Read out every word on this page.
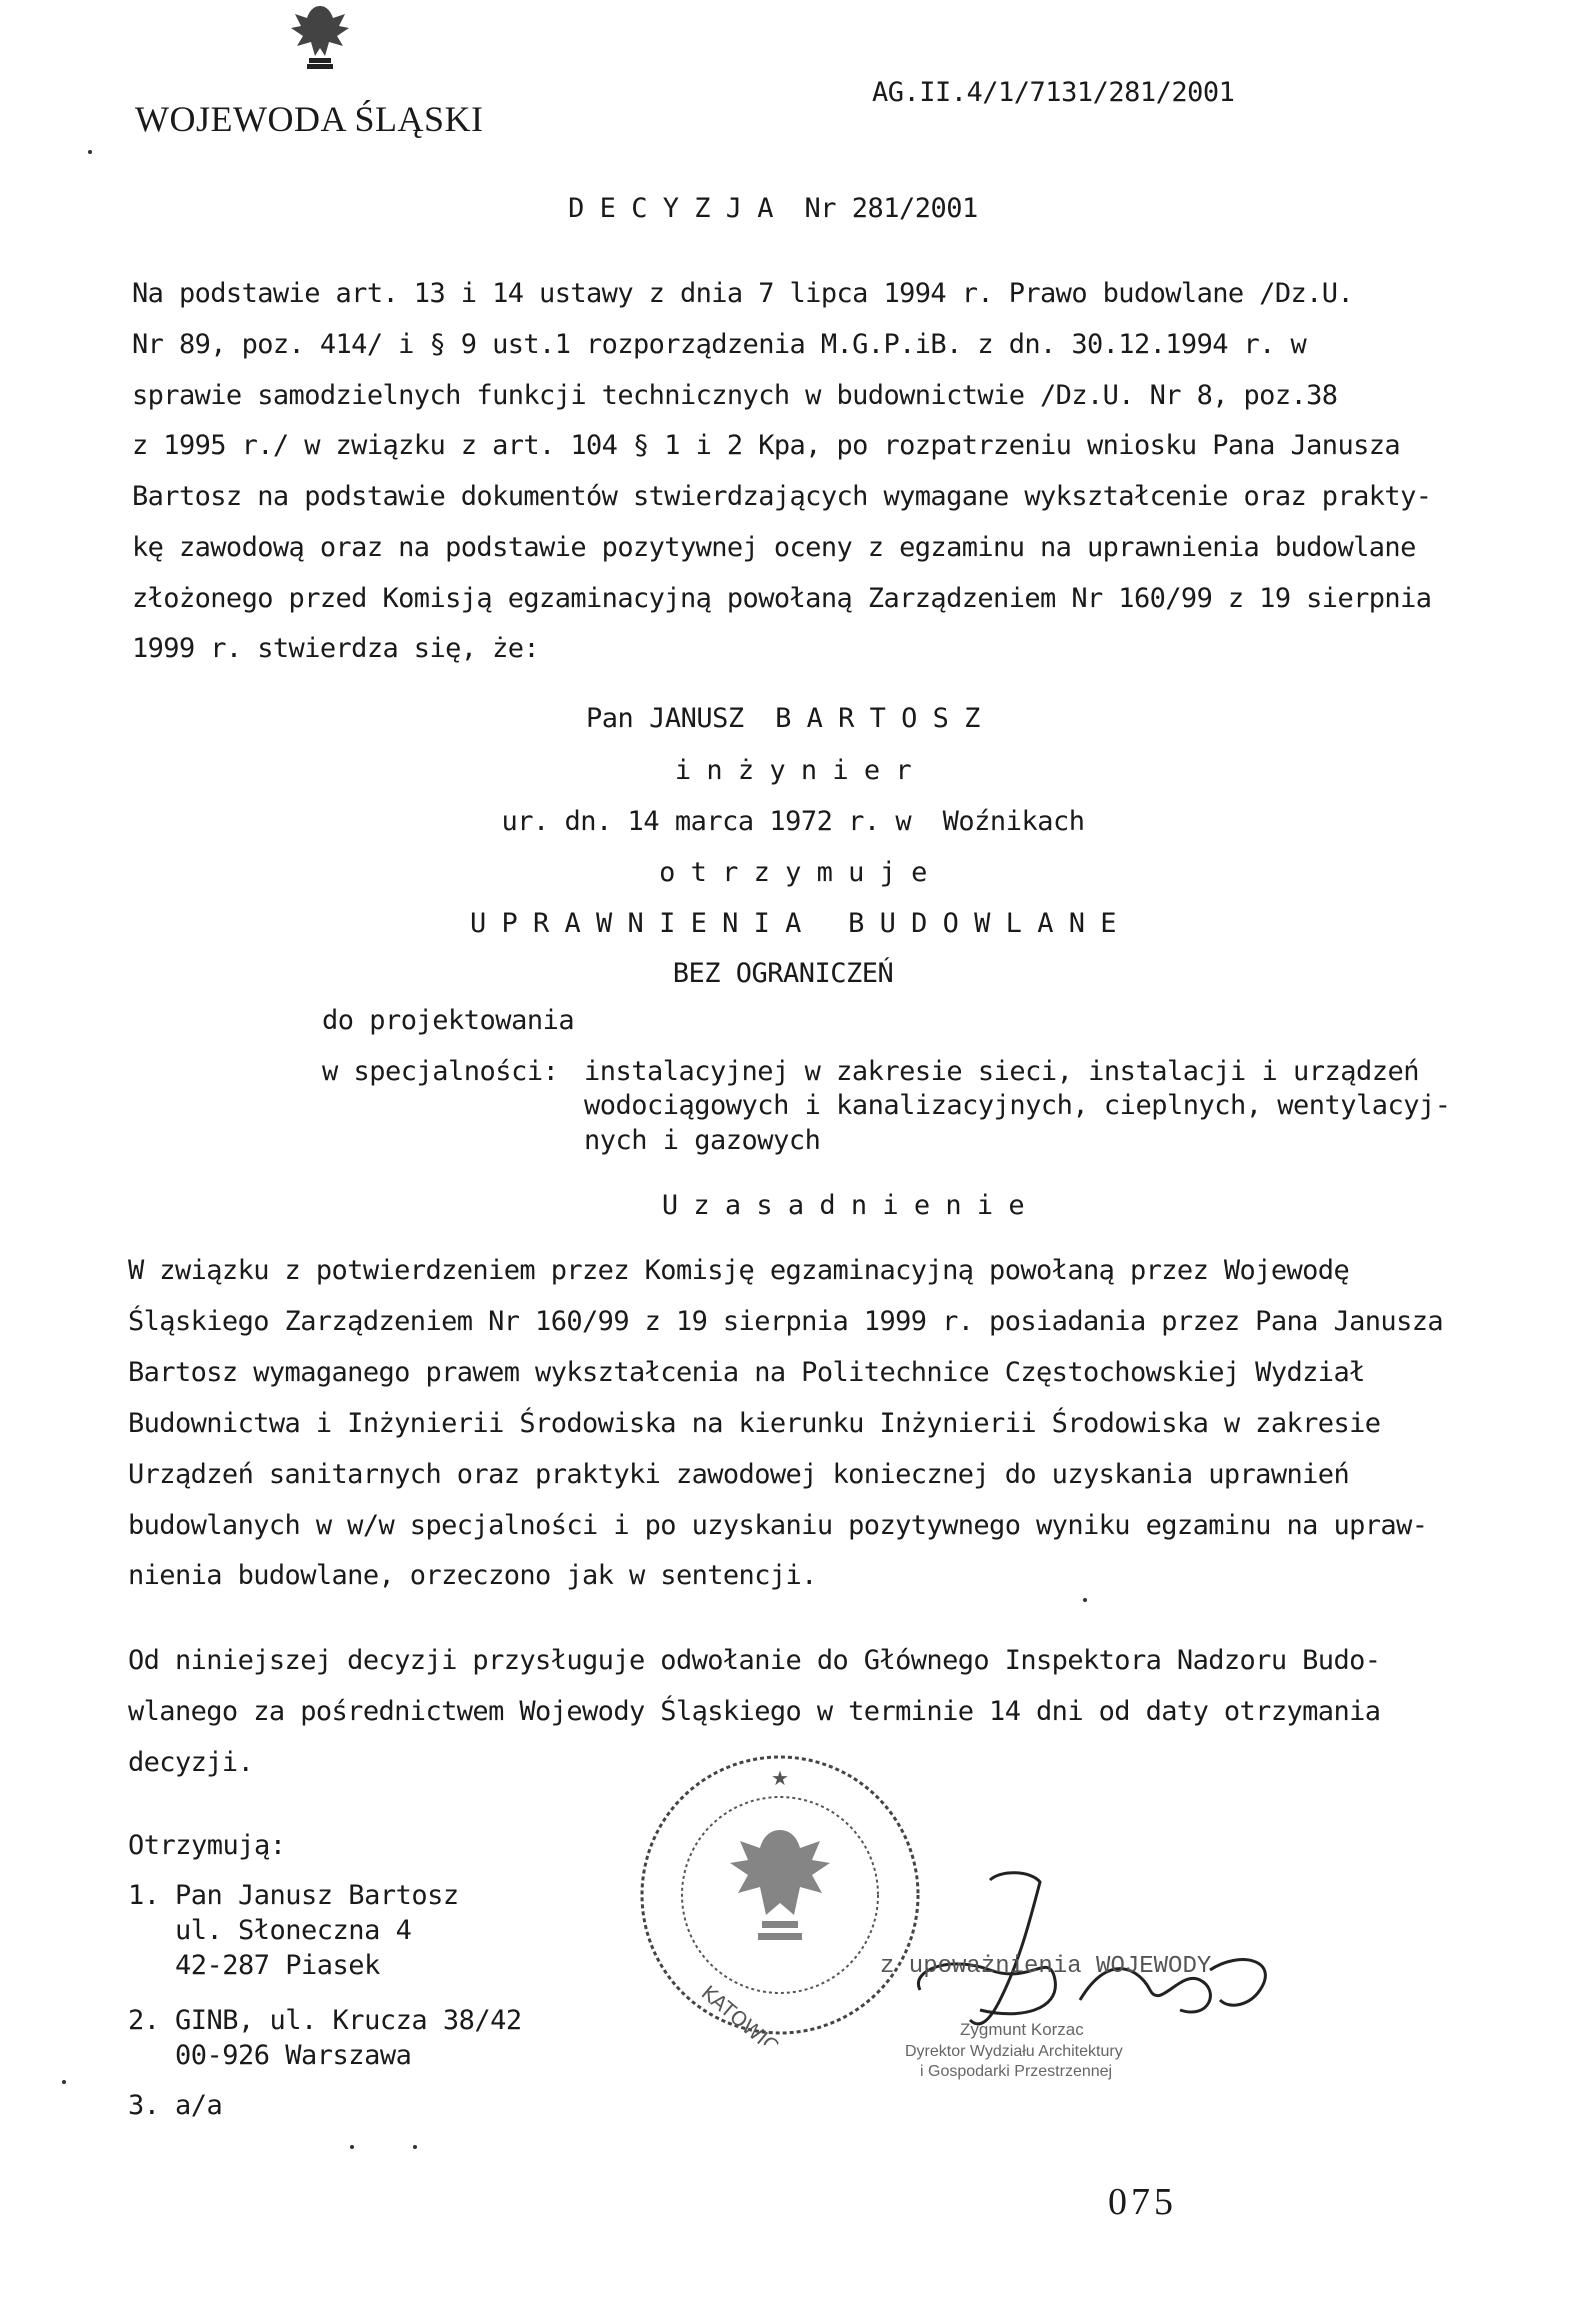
WOJEWODA ŚLĄSKI
AG.II.4/1/7131/281/2001
D E C Y Z J A  Nr 281/2001
Na podstawie art. 13 i 14 ustawy z dnia 7 lipca 1994 r. Prawo budowlane /Dz.U.
Nr 89, poz. 414/ i § 9 ust.1 rozporządzenia M.G.P.iB. z dn. 30.12.1994 r. w
sprawie samodzielnych funkcji technicznych w budownictwie /Dz.U. Nr 8, poz.38
z 1995 r./ w związku z art. 104 § 1 i 2 Kpa, po rozpatrzeniu wniosku Pana Janusza
Bartosz na podstawie dokumentów stwierdzających wymagane wykształcenie oraz prakty-
kę zawodową oraz na podstawie pozytywnej oceny z egzaminu na uprawnienia budowlane
złożonego przed Komisją egzaminacyjną powołaną Zarządzeniem Nr 160/99 z 19 sierpnia
1999 r. stwierdza się, że:
Pan JANUSZ  B A R T O S Z
i n ż y n i e r
ur. dn. 14 marca 1972 r. w  Woźnikach
o t r z y m u j e
U P R A W N I E N I A   B U D O W L A N E
BEZ OGRANICZEŃ
do projektowania
w specjalności: instalacyjnej w zakresie sieci, instalacji i urządzeń
wodociągowych i kanalizacyjnych, cieplnych, wentylacyj-
nych i gazowych
U z a s a d n i e n i e
W związku z potwierdzeniem przez Komisję egzaminacyjną powołaną przez Wojewodę
Śląskiego Zarządzeniem Nr 160/99 z 19 sierpnia 1999 r. posiadania przez Pana Janusza
Bartosz wymaganego prawem wykształcenia na Politechnice Częstochowskiej Wydział
Budownictwa i Inżynierii Środowiska na kierunku Inżynierii Środowiska w zakresie
Urządzeń sanitarnych oraz praktyki zawodowej koniecznej do uzyskania uprawnień
budowlanych w w/w specjalności i po uzyskaniu pozytywnego wyniku egzaminu na upraw-
nienia budowlane, orzeczono jak w sentencji.
Od niniejszej decyzji przysługuje odwołanie do Głównego Inspektora Nadzoru Budo-
wlanego za pośrednictwem Wojewody Śląskiego w terminie 14 dni od daty otrzymania
decyzji.
Otrzymują:
1. Pan Janusz Bartosz
ul. Słoneczna 4
42-287 Piasek
2. GINB, ul. Krucza 38/42
00-926 Warszawa
3. a/a
★
KATOWICE
z upoważnienia WOJEWODY
Zygmunt Korzac
Dyrektor Wydziału Architektury
i Gospodarki Przestrzennej
075
